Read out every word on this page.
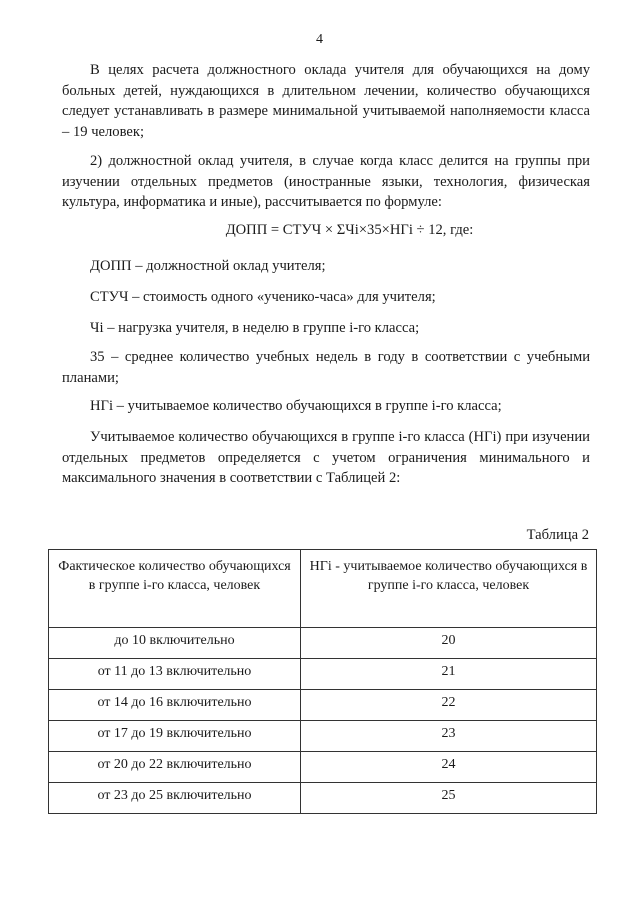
4

В целях расчета должностного оклада учителя для обучающихся на дому больных детей, нуждающихся в длительном лечении, количество обучающихся следует устанавливать в размере минимальной учитываемой наполняемости класса – 19 человек;

2) должностной оклад учителя, в случае когда класс делится на группы при изучении отдельных предметов (иностранные языки, технология, физическая культура, информатика и иные), рассчитывается по формуле:

ДОПП = СТУЧ × ΣЧi×35×НГi ÷ 12, где:

ДОПП – должностной оклад учителя;

СТУЧ – стоимость одного «ученико-часа» для учителя;

Чi – нагрузка учителя, в неделю в группе i-го класса;

35 – среднее количество учебных недель в году в соответствии с учебными планами;

НГi – учитываемое количество обучающихся в группе i-го класса;

Учитываемое количество обучающихся в группе i-го класса (НГi) при изучении отдельных предметов определяется с учетом ограничения минимального и максимального значения в соответствии с Таблицей 2:

Таблица 2
Фактическое количество обучающихся в группе i-го класса, человек	НГi - учитываемое количество обучающихся в группе i-го класса, человек
до 10 включительно	20
от 11 до 13 включительно	21
от 14 до 16 включительно	22
от 17 до 19 включительно	23
от 20 до 22 включительно	24
от 23 до 25 включительно	25
